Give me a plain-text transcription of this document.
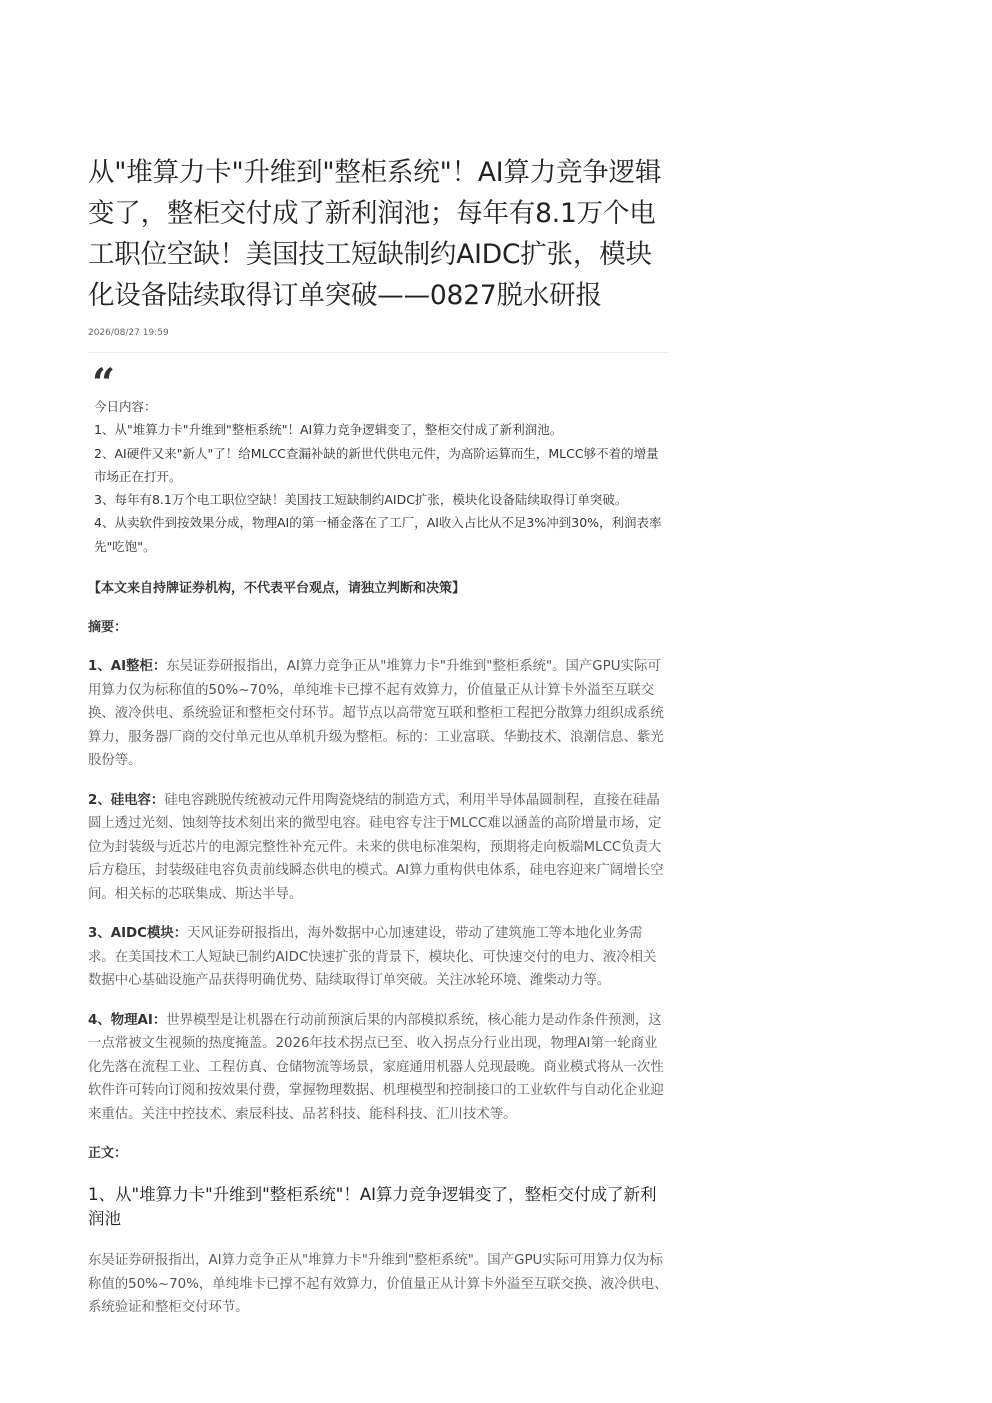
从"堆算力卡"升维到"整柜系统"！AI算力竞争逻辑变了，整柜交付成了新利润池；每年有8.1万个电工职位空缺！美国技工短缺制约AIDC扩张，模块化设备陆续取得订单突破——0827脱水研报
2026/08/27 19:59
“

今日内容：

1、从"堆算力卡"升维到"整柜系统"！AI算力竞争逻辑变了，整柜交付成了新利润池。

2、AI硬件又来"新人"了！给MLCC查漏补缺的新世代供电元件，为高阶运算而生，MLCC够不着的增量市场正在打开。

3、每年有8.1万个电工职位空缺！美国技工短缺制约AIDC扩张，模块化设备陆续取得订单突破。

4、从卖软件到按效果分成，物理AI的第一桶金落在了工厂，AI收入占比从不足3%冲到30%，利润表率先"吃饱"。

【本文来自持牌证券机构，不代表平台观点，请独立判断和决策】
摘要：

1、AI整柜：东吴证券研报指出，AI算力竞争正从"堆算力卡"升维到"整柜系统"。国产GPU实际可用算力仅为标称值的50%~70%，单纯堆卡已撑不起有效算力，价值量正从计算卡外溢至互联交换、液冷供电、系统验证和整柜交付环节。超节点以高带宽互联和整柜工程把分散算力组织成系统算力，服务器厂商的交付单元也从单机升级为整柜。标的：工业富联、华勤技术、浪潮信息、紫光股份等。

2、硅电容：硅电容跳脱传统被动元件用陶瓷烧结的制造方式，利用半导体晶圆制程，直接在硅晶圆上透过光刻、蚀刻等技术刻出来的微型电容。硅电容专注于MLCC难以涵盖的高阶增量市场，定位为封装级与近芯片的电源完整性补充元件。未来的供电标准架构，预期将走向板端MLCC负责大后方稳压，封装级硅电容负责前线瞬态供电的模式。AI算力重构供电体系，硅电容迎来广阔增长空间。相关标的芯联集成、斯达半导。

3、AIDC模块：天风证券研报指出，海外数据中心加速建设，带动了建筑施工等本地化业务需求。在美国技术工人短缺已制约AIDC快速扩张的背景下，模块化、可快速交付的电力、液冷相关数据中心基础设施产品获得明确优势、陆续取得订单突破。关注冰轮环境、潍柴动力等。

4、物理AI：世界模型是让机器在行动前预演后果的内部模拟系统，核心能力是动作条件预测，这一点常被文生视频的热度掩盖。2026年技术拐点已至、收入拐点分行业出现，物理AI第一轮商业化先落在流程工业、工程仿真、仓储物流等场景，家庭通用机器人兑现最晚。商业模式将从一次性软件许可转向订阅和按效果付费，掌握物理数据、机理模型和控制接口的工业软件与自动化企业迎来重估。关注中控技术、索辰科技、品茗科技、能科科技、汇川技术等。

正文：
1、从"堆算力卡"升维到"整柜系统"！AI算力竞争逻辑变了，整柜交付成了新利润池

东吴证券研报指出，AI算力竞争正从"堆算力卡"升维到"整柜系统"。国产GPU实际可用算力仅为标称值的50%~70%，单纯堆卡已撑不起有效算力，价值量正从计算卡外溢至互联交换、液冷供电、系统验证和整柜交付环节。
